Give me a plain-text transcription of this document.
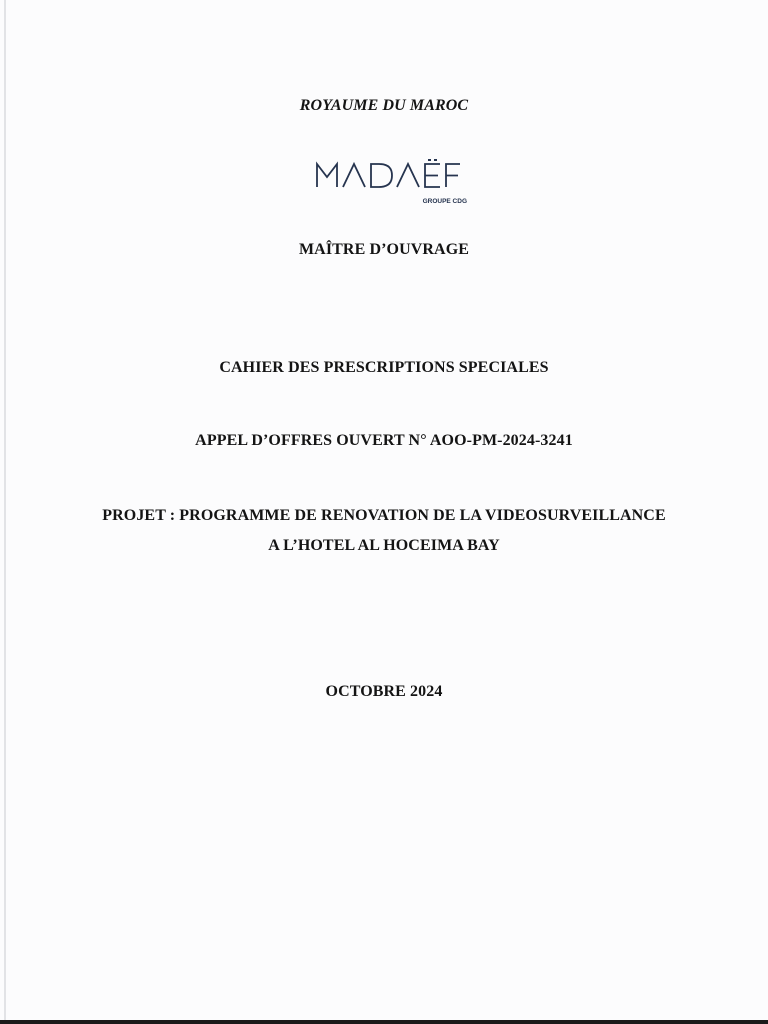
ROYAUME DU MAROC
GROUPE CDG
MAÎTRE D’OUVRAGE
CAHIER DES PRESCRIPTIONS SPECIALES
APPEL D’OFFRES OUVERT N° AOO-PM-2024-3241
PROJET : PROGRAMME DE RENOVATION DE LA VIDEOSURVEILLANCE
A L’HOTEL AL HOCEIMA BAY
OCTOBRE 2024
